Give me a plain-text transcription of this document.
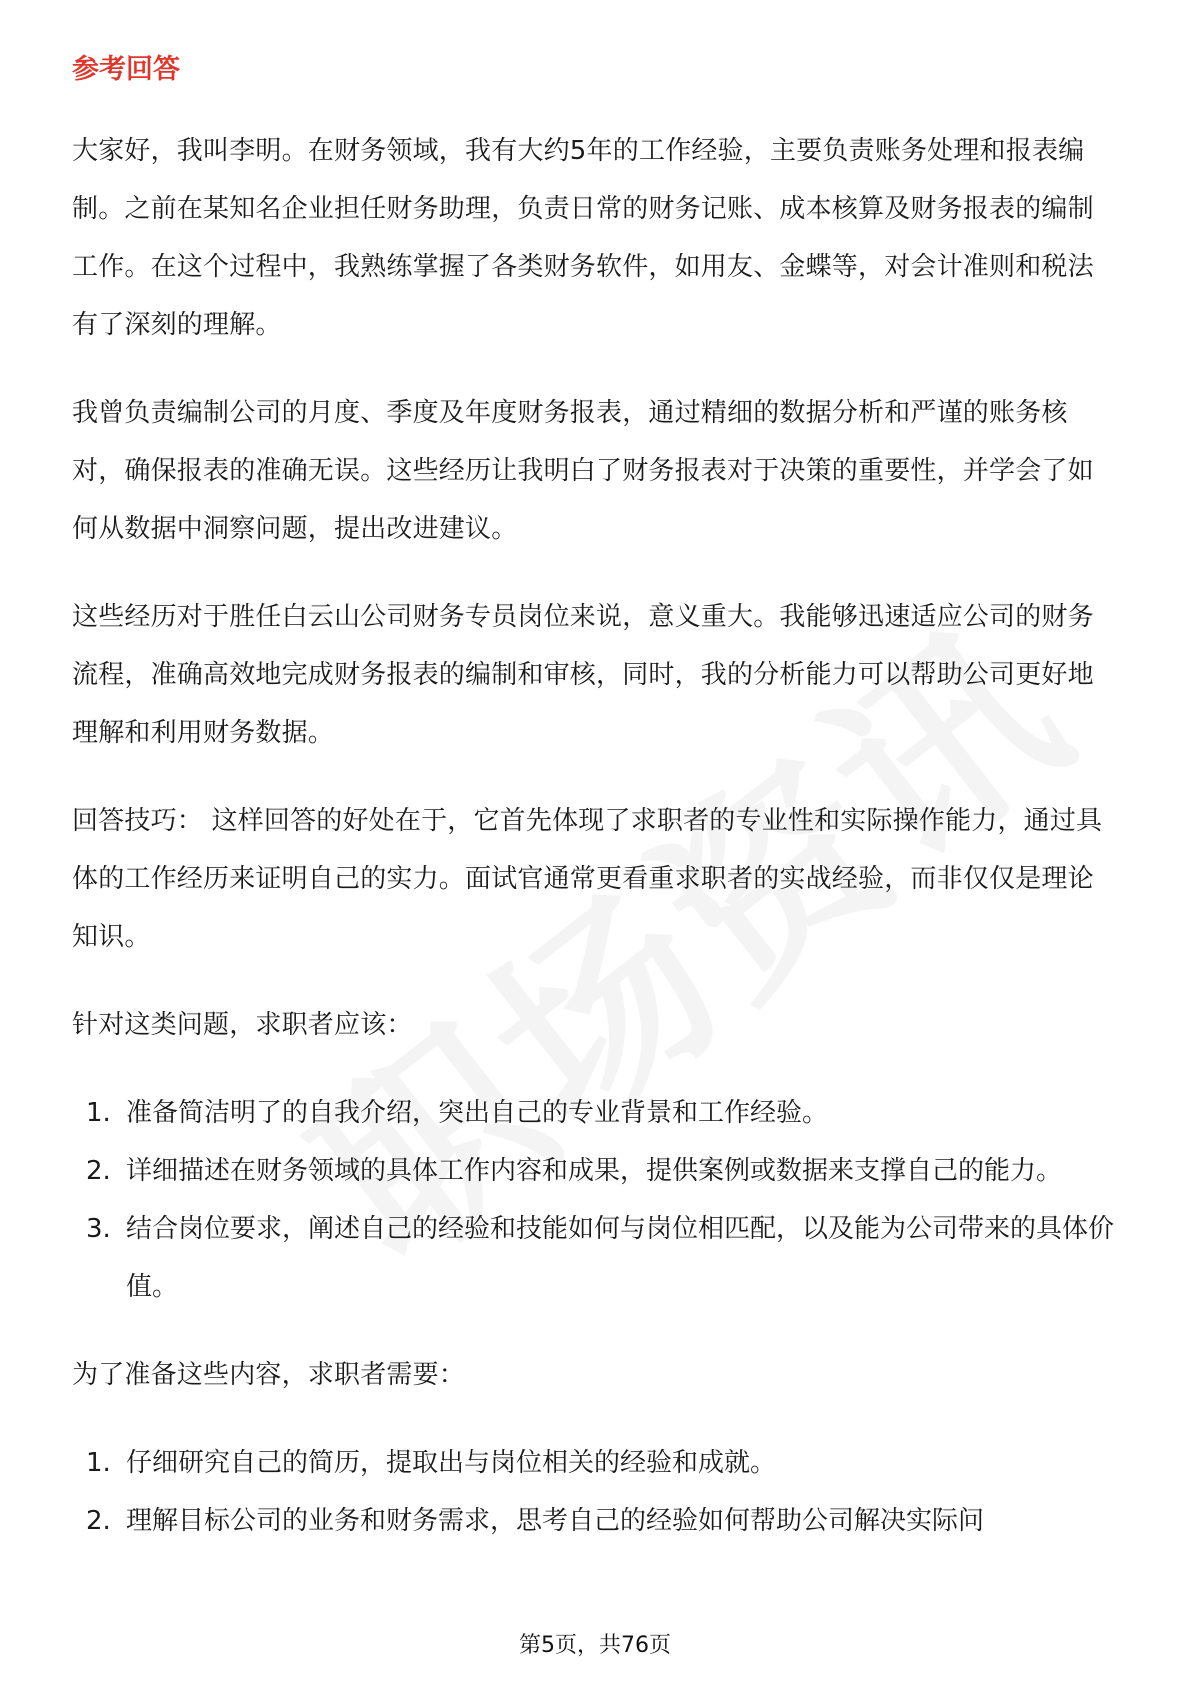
参考回答

大家好，我叫李明。在财务领域，我有大约5年的工作经验，主要负责账务处理和报表编制。之前在某知名企业担任财务助理，负责日常的财务记账、成本核算及财务报表的编制工作。在这个过程中，我熟练掌握了各类财务软件，如用友、金蝶等，对会计准则和税法有了深刻的理解。

我曾负责编制公司的月度、季度及年度财务报表，通过精细的数据分析和严谨的账务核对，确保报表的准确无误。这些经历让我明白了财务报表对于决策的重要性，并学会了如何从数据中洞察问题，提出改进建议。

这些经历对于胜任白云山公司财务专员岗位来说，意义重大。我能够迅速适应公司的财务流程，准确高效地完成财务报表的编制和审核，同时，我的分析能力可以帮助公司更好地理解和利用财务数据。

回答技巧： 这样回答的好处在于，它首先体现了求职者的专业性和实际操作能力，通过具体的工作经历来证明自己的实力。面试官通常更看重求职者的实战经验，而非仅仅是理论知识。

针对这类问题，求职者应该：

1. 准备简洁明了的自我介绍，突出自己的专业背景和工作经验。
2. 详细描述在财务领域的具体工作内容和成果，提供案例或数据来支撑自己的能力。
3. 结合岗位要求，阐述自己的经验和技能如何与岗位相匹配，以及能为公司带来的具体价值。

为了准备这些内容，求职者需要：

1. 仔细研究自己的简历，提取出与岗位相关的经验和成就。
2. 理解目标公司的业务和财务需求，思考自己的经验如何帮助公司解决实际问
第5页，共76页
